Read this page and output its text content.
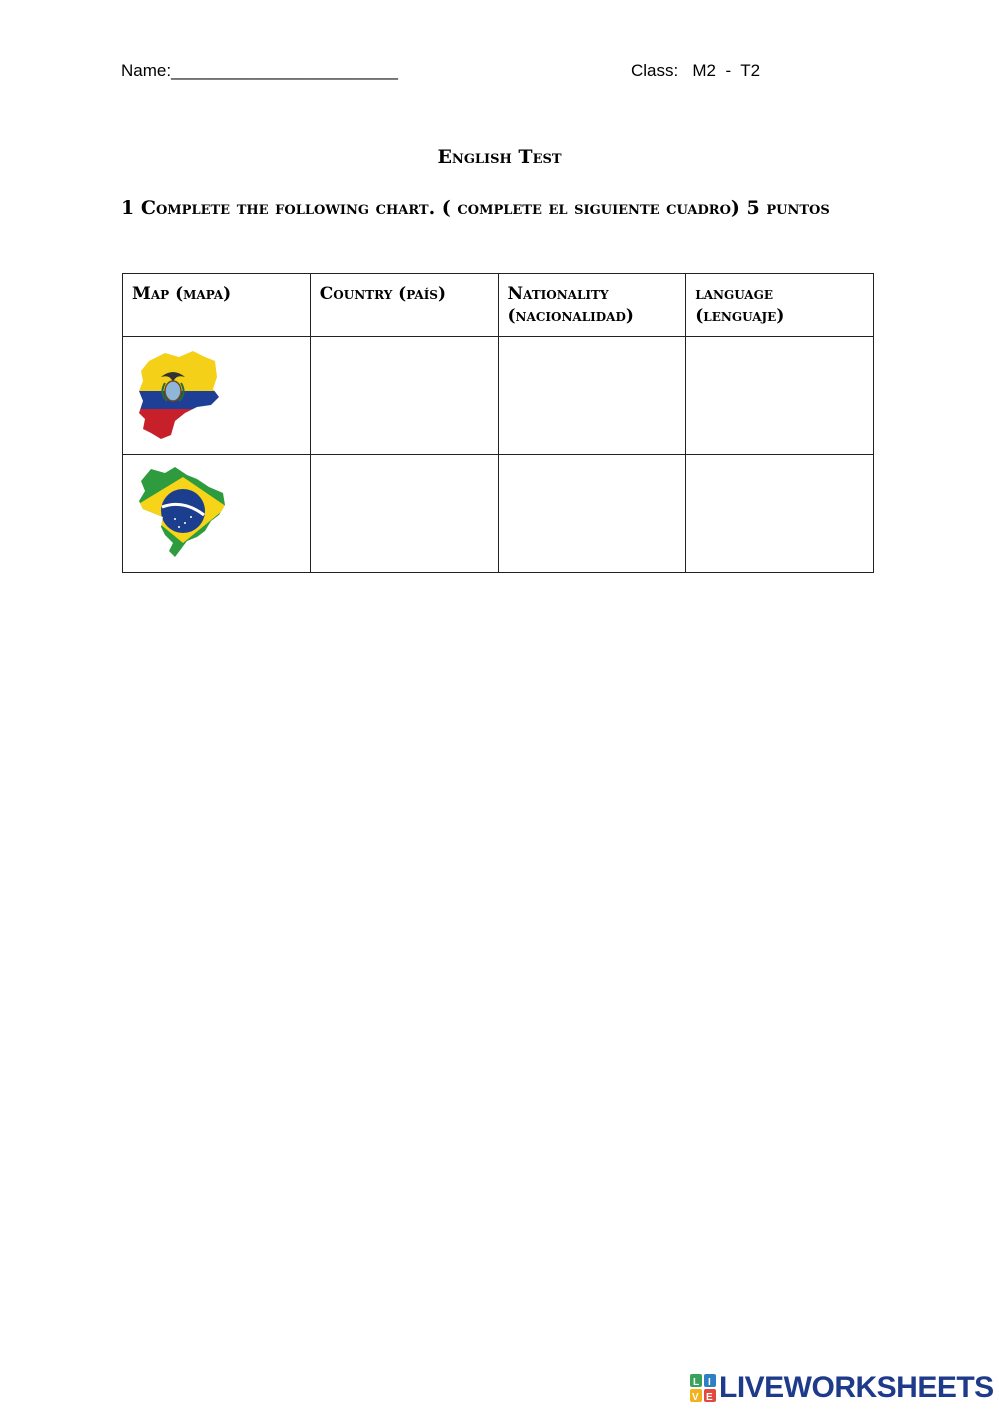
Name:________________________	Class:   M2  -  T2
English Test
1 Complete the following chart. ( complete el siguiente cuadro) 5 puntos
Map (mapa)	Country (país)	Nationality (nacionalidad)	language (lenguaje)

L I
V E LIVEWORKSHEETS
